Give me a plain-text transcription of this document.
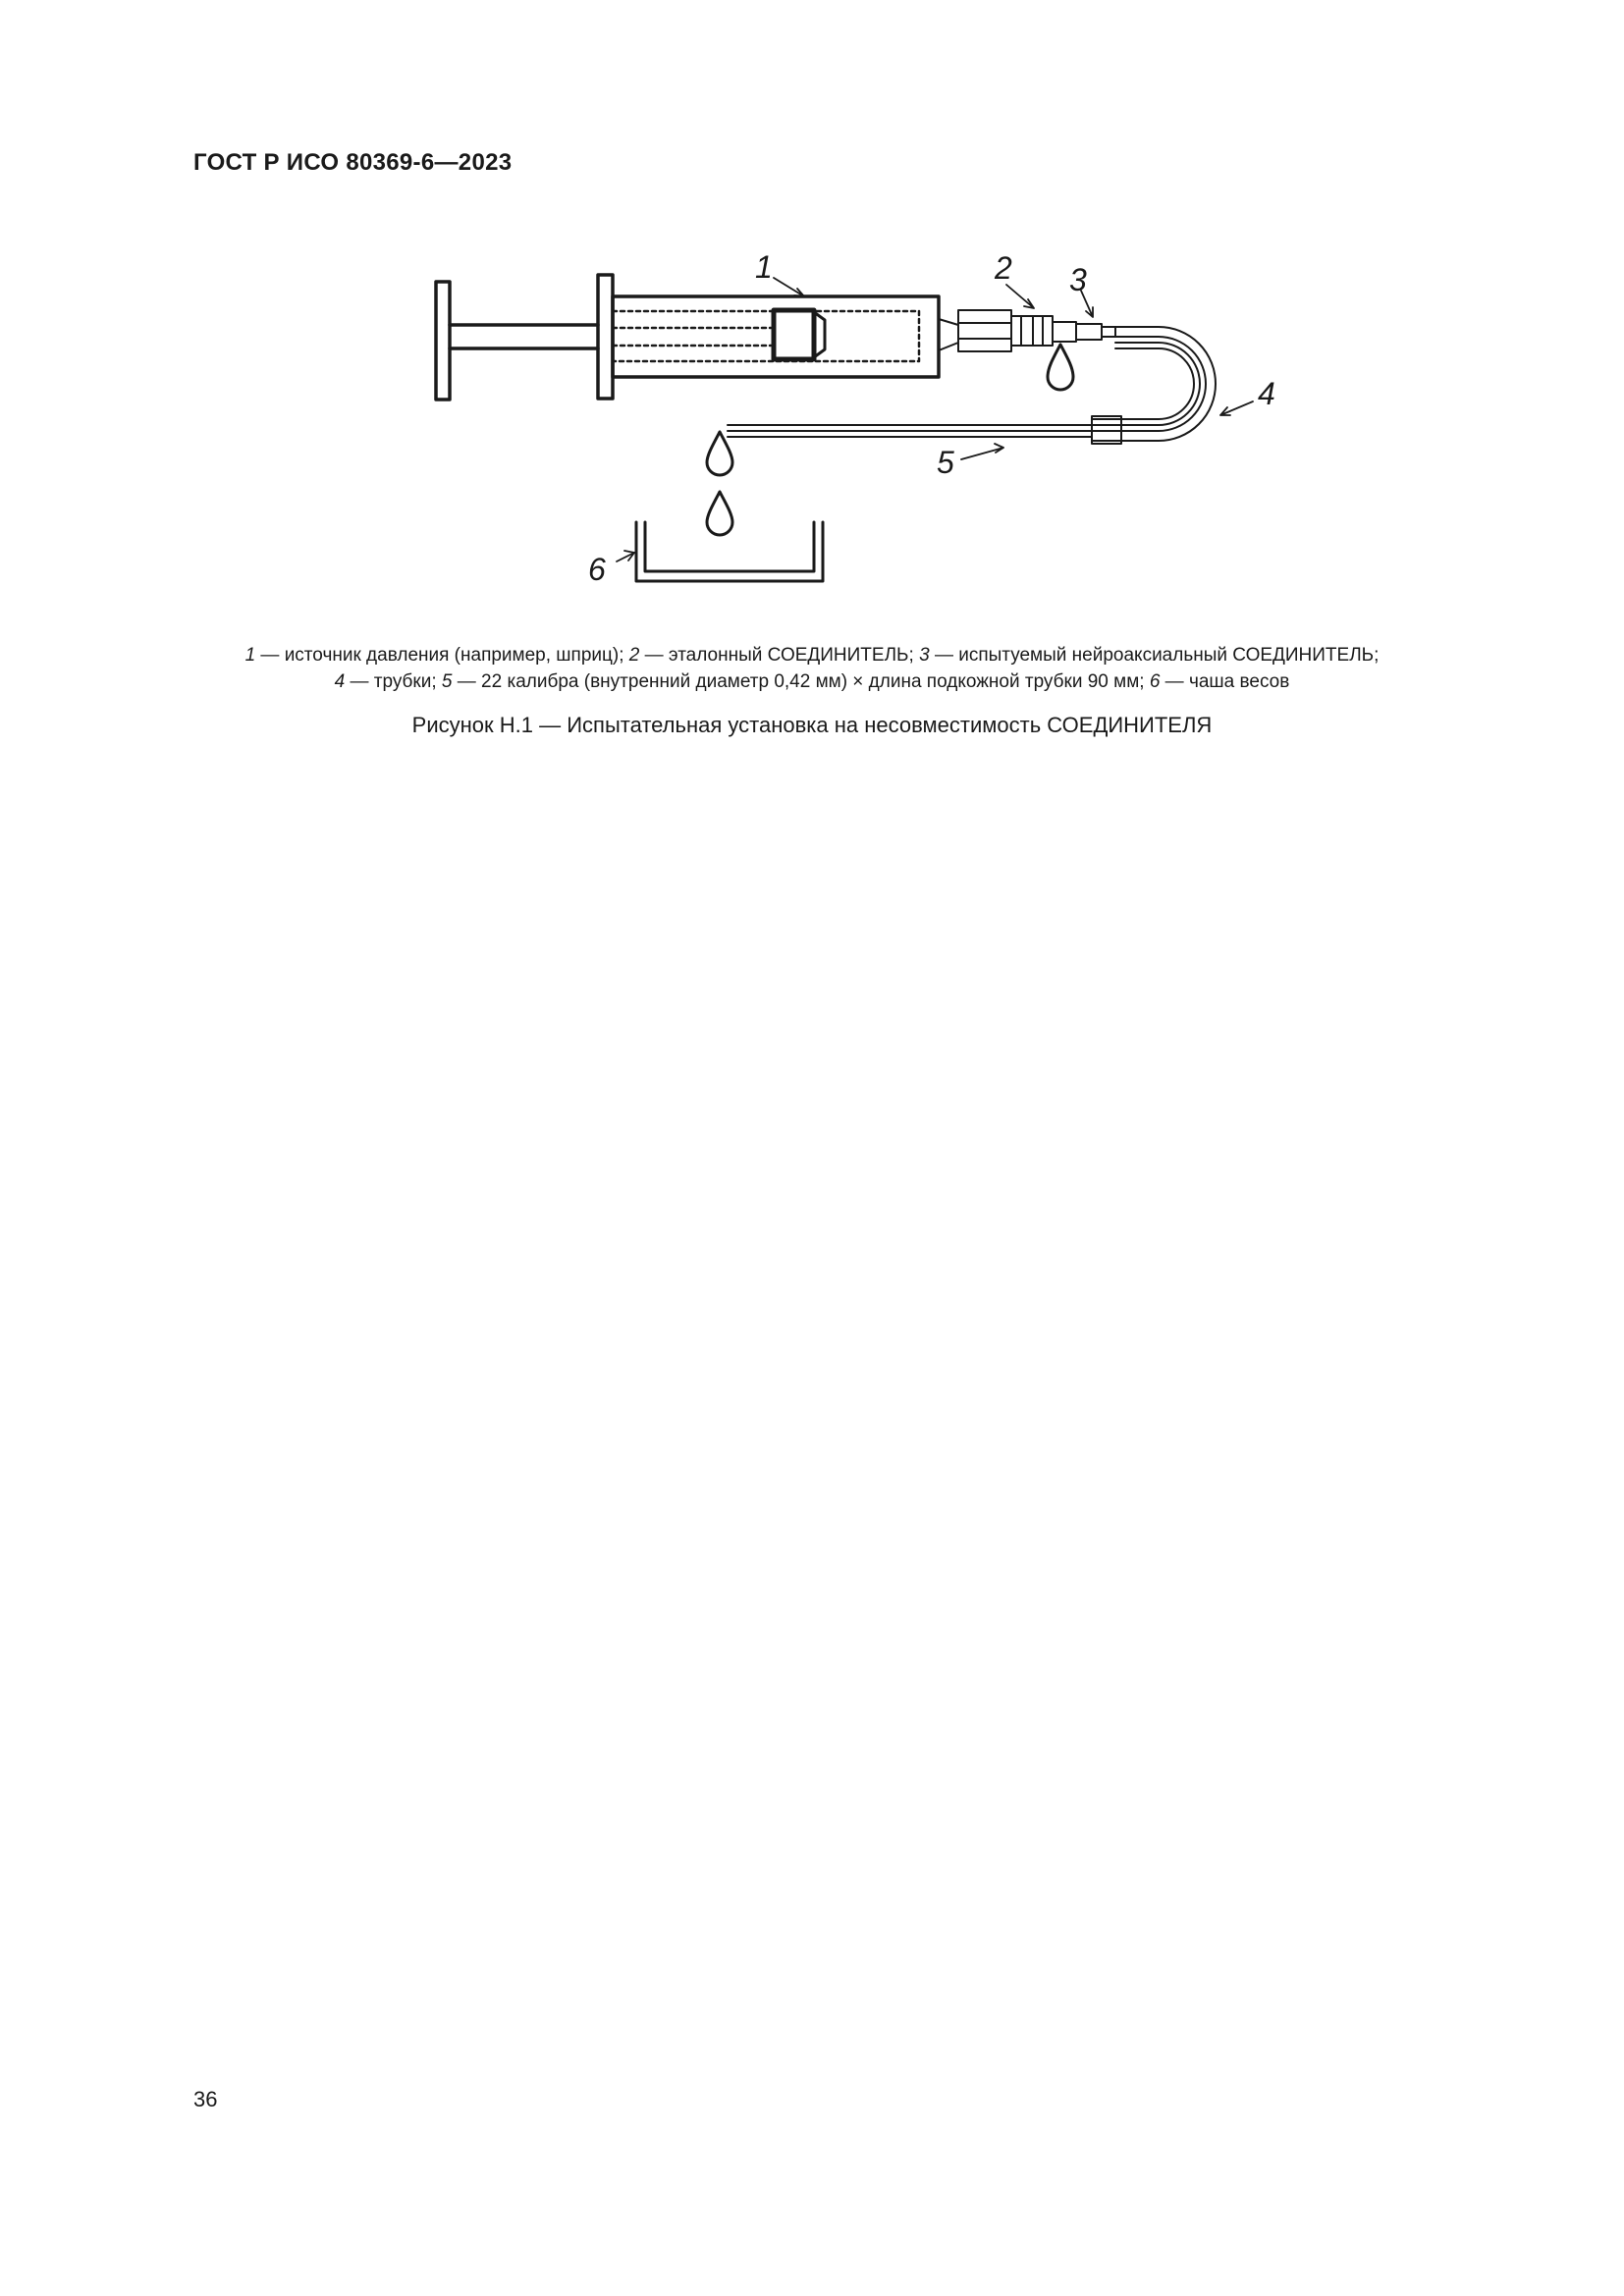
ГОСТ Р ИСО 80369-6—2023
1	2 3
4
5
6
1 — источник давления (например, шприц); 2 — эталонный СОЕДИНИТЕЛЬ; 3 — испытуемый нейроаксиальный СОЕДИНИТЕЛЬ;
4 — трубки; 5 — 22 калибра (внутренний диаметр 0,42 мм) × длина подкожной трубки 90 мм; 6 — чаша весов
Рисунок Н.1 — Испытательная установка на несовместимость СОЕДИНИТЕЛЯ
36
